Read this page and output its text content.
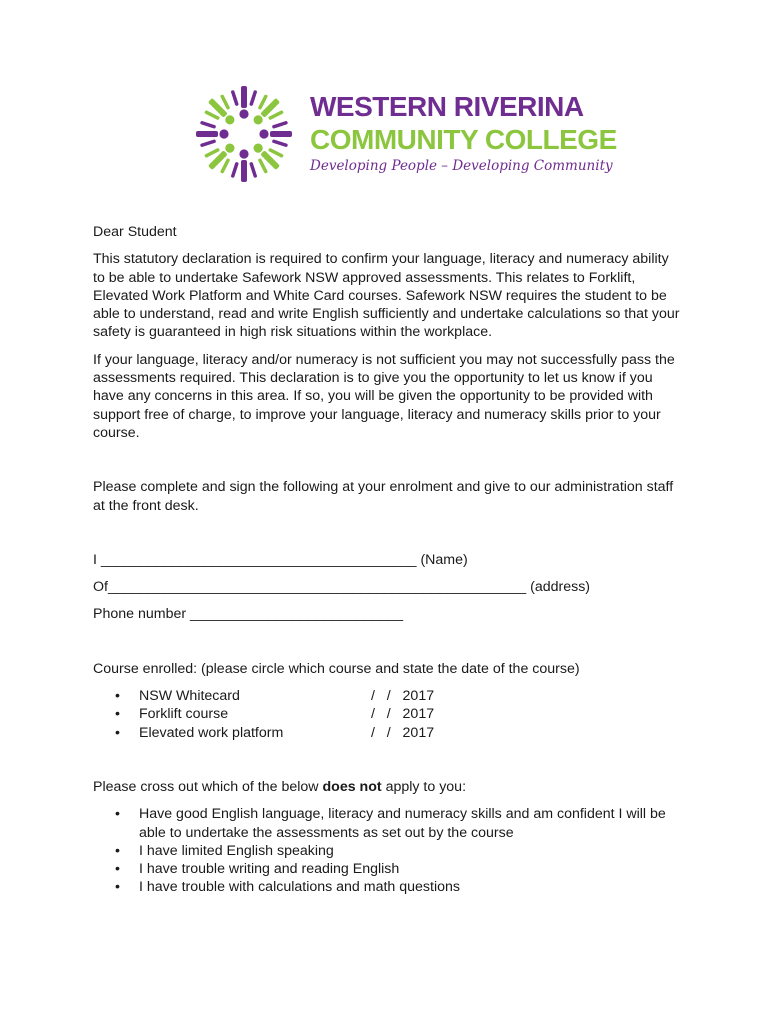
WESTERN RIVERINA
COMMUNITY COLLEGE
Developing People – Developing Community

Dear Student

This statutory declaration is required to confirm your language, literacy and numeracy ability to be able to undertake Safework NSW approved assessments. This relates to Forklift, Elevated Work Platform and White Card courses. Safework NSW requires the student to be able to understand, read and write English sufficiently and undertake calculations so that your safety is guaranteed in high risk situations within the workplace.

If your language, literacy and/or numeracy is not sufficient you may not successfully pass the assessments required. This declaration is to give you the opportunity to let us know if you have any concerns in this area. If so, you will be given the opportunity to be provided with support free of charge, to improve your language, literacy and numeracy skills prior to your course.

Please complete and sign the following at your enrolment and give to our administration staff at the front desk.

I ________________________________________ (Name)

Of_____________________________________________________ (address)

Phone number ___________________________

Course enrolled: (please circle which course and state the date of the course)

• NSW Whitecard	/   /   2017
• Forklift course	/   /   2017
• Elevated work platform	/   /   2017

Please cross out which of the below does not apply to you:

• Have good English language, literacy and numeracy skills and am confident I will be able to undertake the assessments as set out by the course
• I have limited English speaking
• I have trouble writing and reading English
• I have trouble with calculations and math questions
